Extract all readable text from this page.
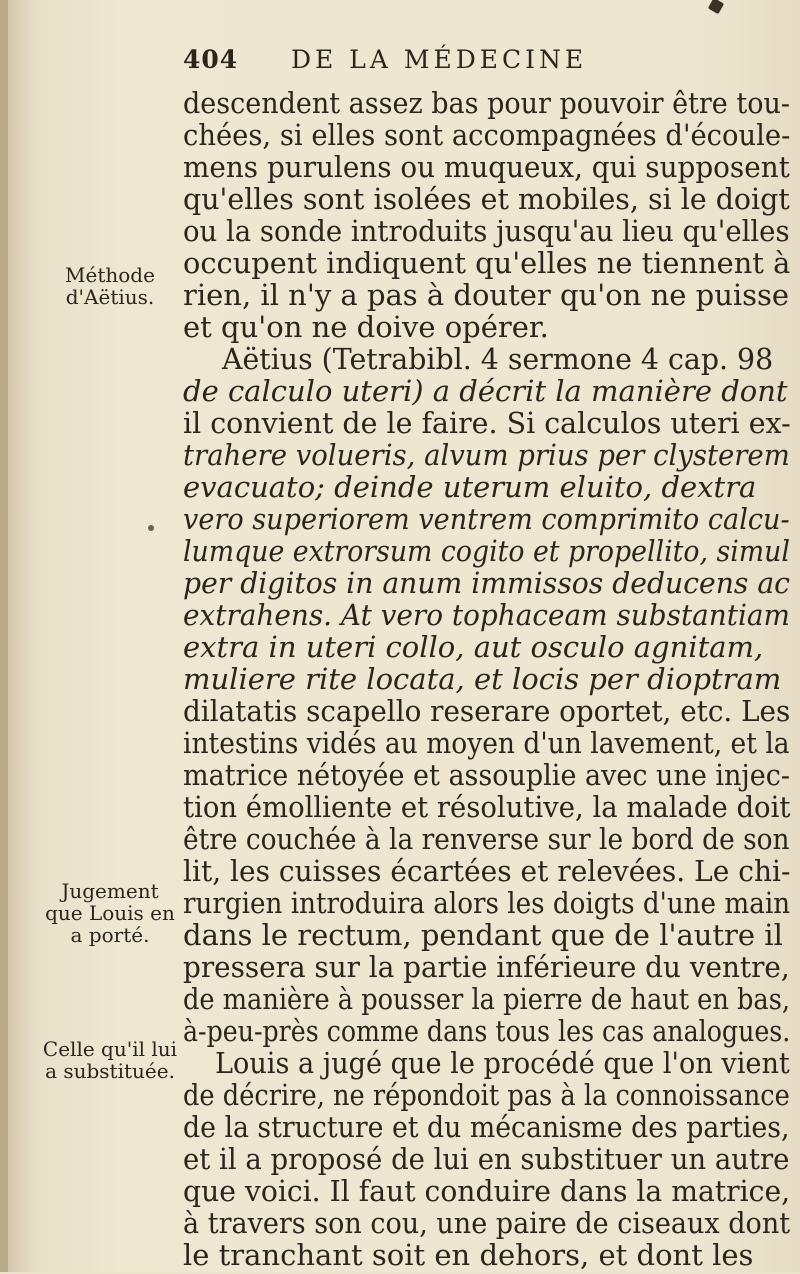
404 DE LA MÉDECINE
Méthode d'Aëtius.
Jugement que Louis en a porté.
Celle qu'il lui a substituée.
descendent assez bas pour pouvoir être tou-
chées, si elles sont accompagnées d'écoule-
mens purulens ou muqueux, qui supposent
qu'elles sont isolées et mobiles, si le doigt
ou la sonde introduits jusqu'au lieu qu'elles
occupent indiquent qu'elles ne tiennent à
rien, il n'y a pas à douter qu'on ne puisse
et qu'on ne doive opérer.
Aëtius (Tetrabibl. 4 sermone 4 cap. 98
de calculo uteri) a décrit la manière dont
il convient de le faire. Si calculos uteri ex-
trahere volueris, alvum prius per clysterem
evacuato; deinde uterum eluito, dextra
vero superiorem ventrem comprimito calcu-
lumque extrorsum cogito et propellito, simul
per digitos in anum immissos deducens ac
extrahens. At vero tophaceam substantiam
extra in uteri collo, aut osculo agnitam,
muliere rite locata, et locis per dioptram
dilatatis scapello reserare oportet, etc. Les
intestins vidés au moyen d'un lavement, et la
matrice nétoyée et assouplie avec une injec-
tion émolliente et résolutive, la malade doit
être couchée à la renverse sur le bord de son
lit, les cuisses écartées et relevées. Le chi-
rurgien introduira alors les doigts d'une main
dans le rectum, pendant que de l'autre il
pressera sur la partie inférieure du ventre,
de manière à pousser la pierre de haut en bas,
à-peu-près comme dans tous les cas analogues.
Louis a jugé que le procédé que l'on vient
de décrire, ne répondoit pas à la connoissance
de la structure et du mécanisme des parties,
et il a proposé de lui en substituer un autre
que voici. Il faut conduire dans la matrice,
à travers son cou, une paire de ciseaux dont
le tranchant soit en dehors, et dont les
